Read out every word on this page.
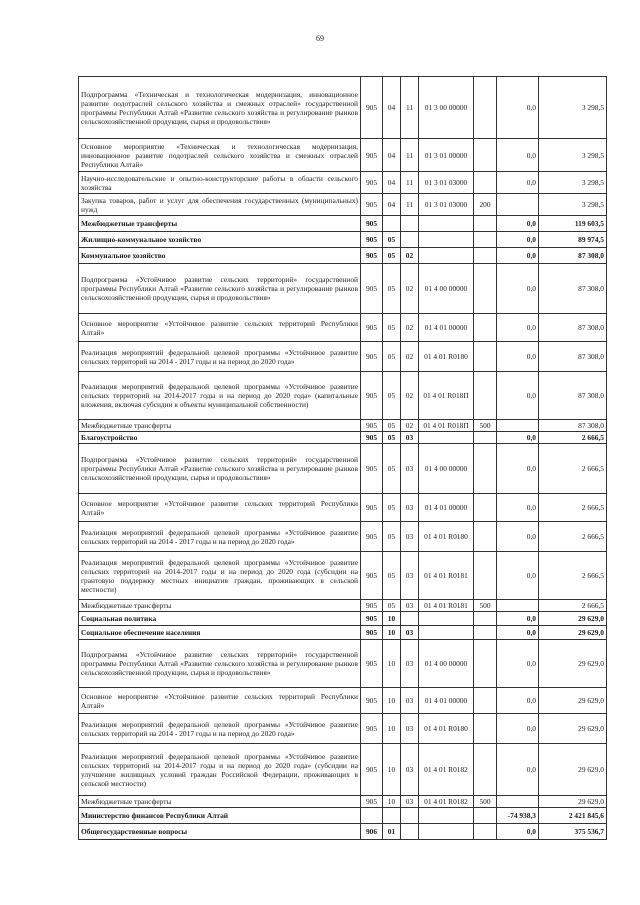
69
Подпрограмма «Техническая и технологическая модернизация, инновационное развитие подотраслей сельского хозяйства и смежных отраслей» государственной программы Республики Алтай «Развитие сельского хозяйства и регулирование рынков сельскохозяйственной продукции, сырья и продовольствия»	905	04	11	01 3 00 00000		0,0	3 298,5
Основное мероприятие «Техническая и технологическая модернизация, инновационное развитие подотраслей сельского хозяйства и смежных отраслей Республики Алтай»	905	04	11	01 3 01 00000		0,0	3 298,5
Научно-исследовательские и опытно-конструкторские работы в области сельского хозяйства	905	04	11	01 3 01 03000		0,0	3 298,5
Закупка товаров, работ и услуг для обеспечения государственных (муниципальных) нужд	905	04	11	01 3 01 03000	200		3 298,5
Межбюджетные трансферты	905					0,0	119 603,5
Жилищно-коммунальное хозяйство	905	05				0,0	89 974,5
Коммунальное хозяйство	905	05	02			0,0	87 308,0
Подпрограмма «Устойчивое развитие сельских территорий» государственной программы Республики Алтай «Развитие сельского хозяйства и регулирование рынков сельскохозяйственной продукции, сырья и продовольствия»	905	05	02	01 4 00 00000		0,0	87 308,0
Основное мероприятие «Устойчивое развитие сельских территорий Республики Алтай»	905	05	02	01 4 01 00000		0,0	87 308,0
Реализация мероприятий федеральной целевой программы «Устойчивое развитие сельских территорий на 2014 - 2017 годы и на период до 2020 года»	905	05	02	01 4 01 R0180		0,0	87 308,0
Реализация мероприятий федеральной целевой программы «Устойчивое развитие сельских территорий на 2014-2017 годы и на период до 2020 года» (капитальные вложения, включая субсидии в объекты муниципальной собственности)	905	05	02	01 4 01 R018П		0,0	87 308,0
Межбюджетные трансферты	905	05	02	01 4 01 R018П	500		87 308,0
Благоустройство	905	05	03			0,0	2 666,5
Подпрограмма «Устойчивое развитие сельских территорий» государственной программы Республики Алтай «Развитие сельского хозяйства и регулирование рынков сельскохозяйственной продукции, сырья и продовольствия»	905	05	03	01 4 00 00000		0,0	2 666,5
Основное мероприятие «Устойчивое развитие сельских территорий Республики Алтай»	905	05	03	01 4 01 00000		0,0	2 666,5
Реализация мероприятий федеральной целевой программы «Устойчивое развитие сельских территорий на 2014 - 2017 годы и на период до 2020 года»	905	05	03	01 4 01 R0180		0,0	2 666,5
Реализация мероприятий федеральной целевой программы «Устойчивое развитие сельских территорий на 2014-2017 годы и на период до 2020 года (субсидии на грантовую поддержку местных инициатив граждан, проживающих в сельской местности)	905	05	03	01 4 01 R0181		0,0	2 666,5
Межбюджетные трансферты	905	05	03	01 4 01 R0181	500		2 666,5
Социальная политика	905	10				0,0	29 629,0
Социальное обеспечение населения	905	10	03			0,0	29 629,0
Подпрограмма «Устойчивое развитие сельских территорий» государственной программы Республики Алтай «Развитие сельского хозяйства и регулирование рынков сельскохозяйственной продукции, сырья и продовольствия»	905	10	03	01 4 00 00000		0,0	29 629,0
Основное мероприятие «Устойчивое развитие сельских территорий Республики Алтай»	905	10	03	01 4 01 00000		0,0	29 629,0
Реализация мероприятий федеральной целевой программы «Устойчивое развитие сельских территорий на 2014 - 2017 годы и на период до 2020 года»	905	10	03	01 4 01 R0180		0,0	29 629,0
Реализация мероприятий федеральной целевой программы «Устойчивое развитие сельских территорий на 2014-2017 годы и на период до 2020 года» (субсидии на улучшение жилищных условий граждан Российской Федерации, проживающих в сельской местности)	905	10	03	01 4 01 R0182		0,0	29 629,0
Межбюджетные трансферты	905	10	03	01 4 01 R0182	500		29 629,0
Министерство финансов Республики Алтай						-74 938,3	2 421 845,6
Общегосударственные вопросы	906	01				0,0	375 536,7
